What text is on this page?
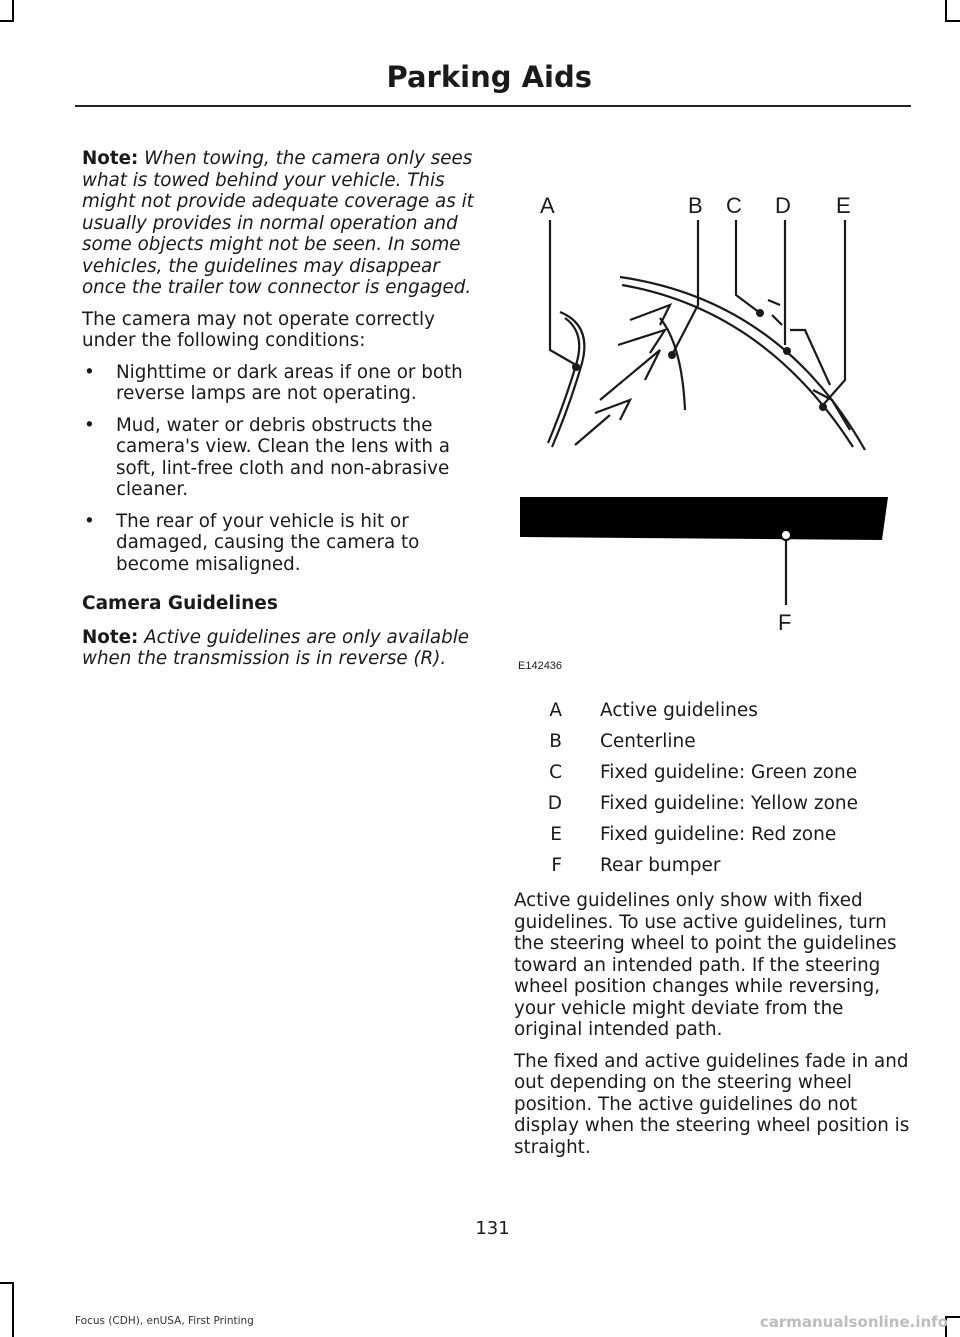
Parking Aids

Note: When towing, the camera only sees what is towed behind your vehicle. This might not provide adequate coverage as it usually provides in normal operation and some objects might not be seen. In some vehicles, the guidelines may disappear once the trailer tow connector is engaged.

The camera may not operate correctly under the following conditions:

• Nighttime or dark areas if one or both reverse lamps are not operating.
• Mud, water or debris obstructs the camera's view. Clean the lens with a soft, lint-free cloth and non-abrasive cleaner.
• The rear of your vehicle is hit or damaged, causing the camera to become misaligned.
Camera Guidelines

Note: Active guidelines are only available when the transmission is in reverse (R).

A	B C D E
F
E142436
A Active guidelines
B Centerline
C Fixed guideline: Green zone
D Fixed guideline: Yellow zone
E Fixed guideline: Red zone
F Rear bumper

Active guidelines only show with fixed guidelines. To use active guidelines, turn the steering wheel to point the guidelines toward an intended path. If the steering wheel position changes while reversing, your vehicle might deviate from the original intended path.

The fixed and active guidelines fade in and out depending on the steering wheel position. The active guidelines do not display when the steering wheel position is straight.

131
Focus (CDH), enUSA, First Printing	carmanualsonline.info
